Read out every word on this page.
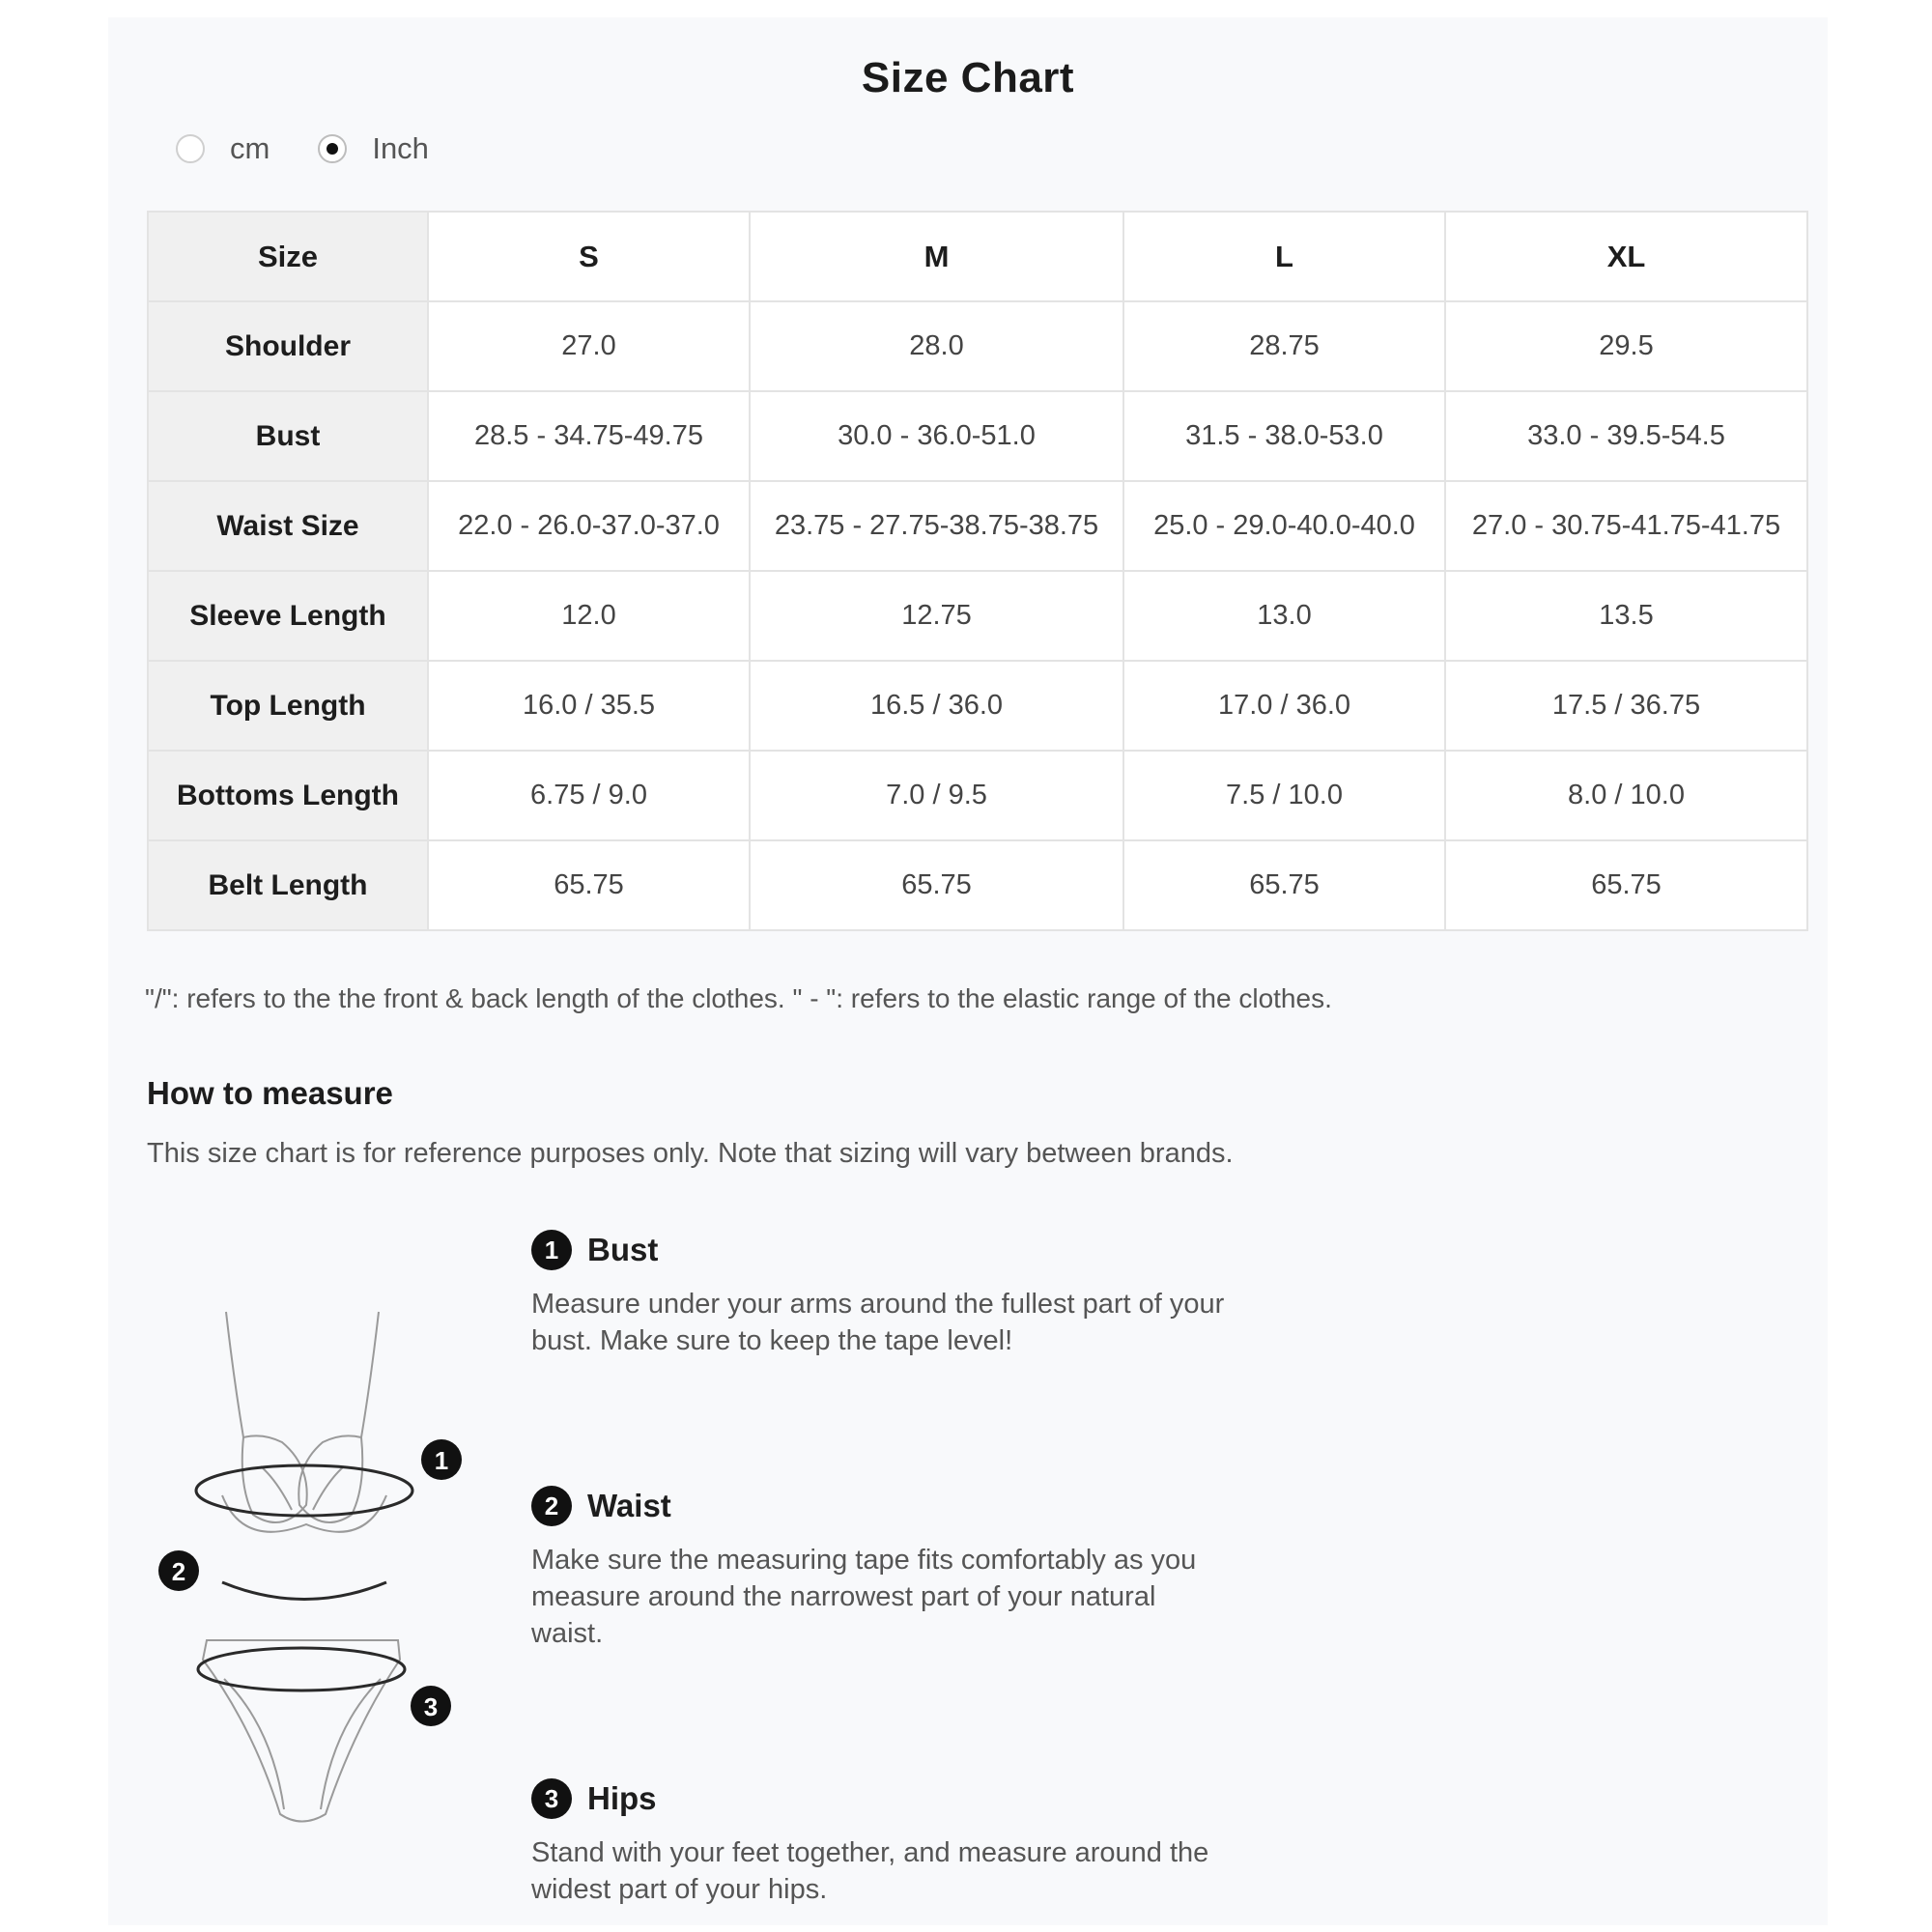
Size Chart
cm	Inch
Size	S	M	L	XL
Shoulder	27.0	28.0	28.75	29.5
Bust	28.5 - 34.75-49.75	30.0 - 36.0-51.0	31.5 - 38.0-53.0	33.0 - 39.5-54.5
Waist Size	22.0 - 26.0-37.0-37.0	23.75 - 27.75-38.75-38.75	25.0 - 29.0-40.0-40.0	27.0 - 30.75-41.75-41.75
Sleeve Length	12.0	12.75	13.0	13.5
Top Length	16.0 / 35.5	16.5 / 36.0	17.0 / 36.0	17.5 / 36.75
Bottoms Length	6.75 / 9.0	7.0 / 9.5	7.5 / 10.0	8.0 / 10.0
Belt Length	65.75	65.75	65.75	65.75
"/": refers to the the front & back length of the clothes. " - ": refers to the elastic range of the clothes.
How to measure
This size chart is for reference purposes only. Note that sizing will vary between brands.
1
2
3
1 Bust
Measure under your arms around the fullest part of your bust. Make sure to keep the tape level!
2 Waist
Make sure the measuring tape fits comfortably as you measure around the narrowest part of your natural waist.
3 Hips
Stand with your feet together, and measure around the widest part of your hips.
